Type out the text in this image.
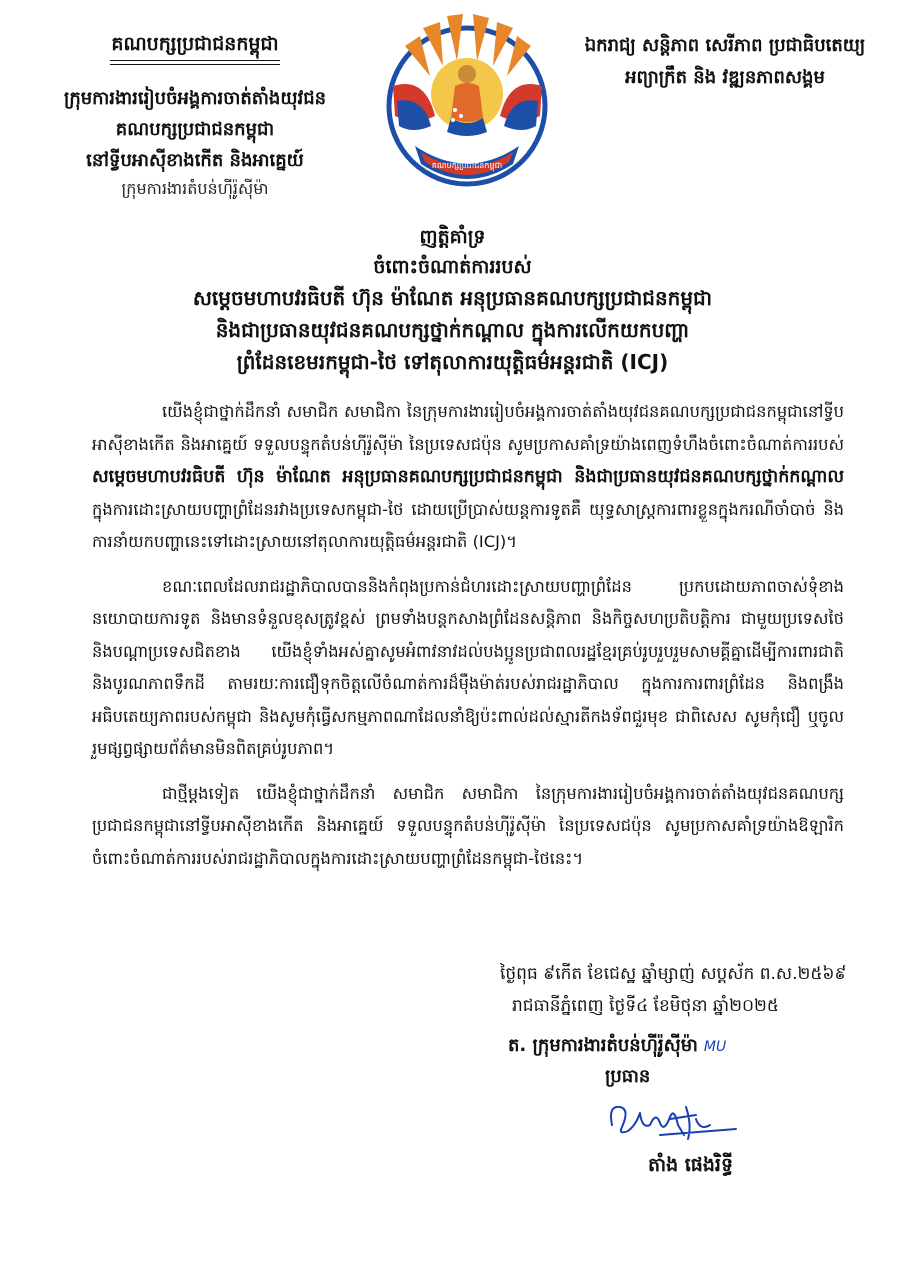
គណបក្សប្រជាជនកម្ពុជា
ក្រុមការងាររៀបចំអង្គការចាត់តាំងយុវជន
គណបក្សប្រជាជនកម្ពុជា
នៅទ្វីបអាស៊ីខាងកើត និងអាគ្នេយ៍
ក្រុមការងារតំបន់ហ៊ីរ៉ូស៊ីម៉ា
គណបក្សប្រជាជនកម្ពុជា
ឯករាជ្យ សន្តិភាព សេរីភាព ប្រជាធិបតេយ្យ
អព្យាក្រឹត និង វឌ្ឍនភាពសង្គម
ញត្តិគាំទ្រ
ចំពោះចំណាត់ការរបស់
សម្តេចមហាបវរធិបតី ហ៊ុន ម៉ាណែត អនុប្រធានគណបក្សប្រជាជនកម្ពុជា
និងជាប្រធានយុវជនគណបក្សថ្នាក់កណ្តាល ក្នុងការលើកយកបញ្ហា
ព្រំដែនខេមរកម្ពុជា-ថៃ ទៅតុលាការយុត្តិធម៌អន្តរជាតិ (ICJ)

យើងខ្ញុំជាថ្នាក់ដឹកនាំ សមាជិក សមាជិកា នៃក្រុមការងាររៀបចំអង្គការចាត់តាំងយុវជនគណបក្សប្រជាជនកម្ពុជានៅទ្វីបអាស៊ីខាងកើត និងអាគ្នេយ៍ ទទួលបន្ទុកតំបន់ហ៊ីរ៉ូស៊ីម៉ា នៃប្រទេសជប៉ុន សូមប្រកាសគាំទ្រយ៉ាងពេញទំហឹងចំពោះចំណាត់ការរបស់ សម្តេចមហាបវរធិបតី ហ៊ុន ម៉ាណែត អនុប្រធានគណបក្សប្រជាជនកម្ពុជា និងជាប្រធានយុវជនគណបក្សថ្នាក់កណ្តាល ក្នុងការដោះស្រាយបញ្ហាព្រំដែនរវាងប្រទេសកម្ពុជា-ថៃ ដោយប្រើប្រាស់យន្តការទូតគឺ យុទ្ធសាស្ត្រការពារខ្លួនក្នុងករណីចាំបាច់ និងការនាំយកបញ្ហានេះទៅដោះស្រាយនៅតុលាការយុត្តិធម៌អន្តរជាតិ (ICJ)។

ខណៈពេលដែលរាជរដ្ឋាភិបាលបាននិងកំពុងប្រកាន់ជំហរដោះស្រាយបញ្ហាព្រំដែន ប្រកបដោយភាពចាស់ទុំខាងនយោបាយការទូត និងមានទំនួលខុសត្រូវខ្ពស់ ព្រមទាំងបន្តកសាងព្រំដែនសន្តិភាព និងកិច្ចសហប្រតិបត្តិការ ជាមួយប្រទេសថៃ និងបណ្តាប្រទេសជិតខាង យើងខ្ញុំទាំងអស់គ្នាសូមអំពាវនាវដល់បងប្អូនប្រជាពលរដ្ឋខ្មែរគ្រប់រូបរួបរួមសាមគ្គីគ្នាដើម្បីការពារជាតិ និងបូរណភាពទឹកដី តាមរយៈការជឿទុកចិត្តលើចំណាត់ការដ៏ម៉ឺងម៉ាត់របស់រាជរដ្ឋាភិបាល ក្នុងការការពារព្រំដែន និងពង្រឹងអធិបតេយ្យភាពរបស់កម្ពុជា និងសូមកុំធ្វើសកម្មភាពណាដែលនាំឱ្យប៉ះពាល់ដល់ស្មារតីកងទ័ពជួរមុខ ជាពិសេស សូមកុំជឿ ឬចូលរួមផ្សព្វផ្សាយព័ត៌មានមិនពិតគ្រប់រូបភាព។

ជាថ្មីម្តងទៀត យើងខ្ញុំជាថ្នាក់ដឹកនាំ សមាជិក សមាជិកា នៃក្រុមការងាររៀបចំអង្គការចាត់តាំងយុវជនគណបក្សប្រជាជនកម្ពុជានៅទ្វីបអាស៊ីខាងកើត និងអាគ្នេយ៍ ទទួលបន្ទុកតំបន់ហ៊ីរ៉ូស៊ីម៉ា នៃប្រទេសជប៉ុន សូមប្រកាសគាំទ្រយ៉ាងឱឡារិកចំពោះចំណាត់ការរបស់រាជរដ្ឋាភិបាលក្នុងការដោះស្រាយបញ្ហាព្រំដែនកម្ពុជា-ថៃនេះ។

ថ្ងៃពុធ ៩កើត ខែជេស្ឋ ឆ្នាំម្សាញ់ សប្តស័ក ព.ស.២៥៦៩
រាជធានីភ្នំពេញ ថ្ងៃទី៤ ខែមិថុនា ឆ្នាំ២០២៥
ត. ក្រុមការងារតំបន់ហ៊ីរ៉ូស៊ីម៉ា MU
ប្រធាន
តាំង ផេងរិទ្ធី
